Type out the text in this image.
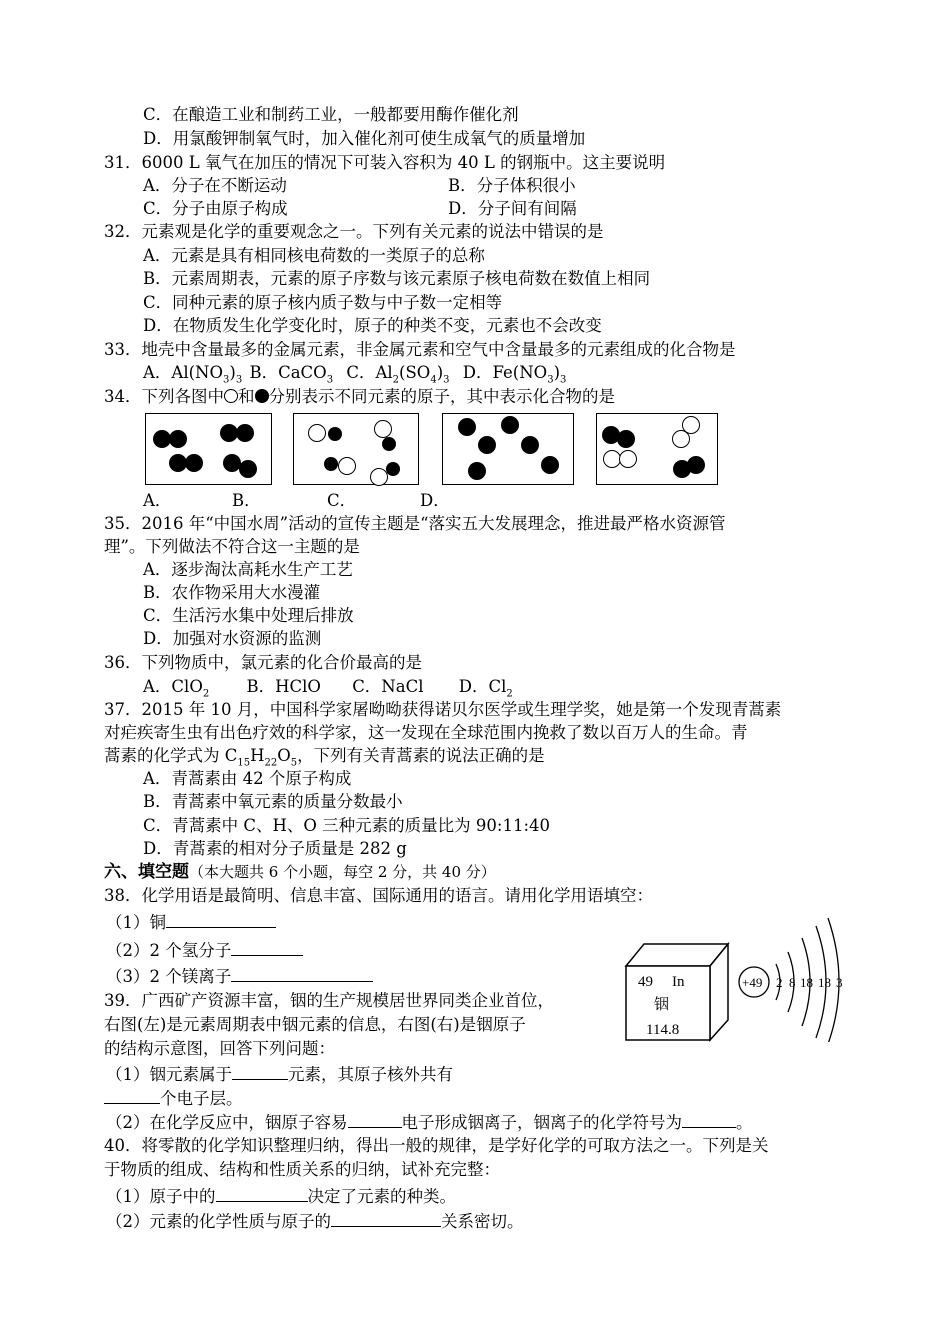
C．在酿造工业和制药工业，一般都要用酶作催化剂
D．用氯酸钾制氧气时，加入催化剂可使生成氧气的质量增加
31．6000 L 氧气在加压的情况下可装入容积为 40 L 的钢瓶中。这主要说明
A．分子在不断运动	B．分子体积很小
C．分子由原子构成	D．分子间有间隔
32．元素观是化学的重要观念之一。下列有关元素的说法中错误的是
A．元素是具有相同核电荷数的一类原子的总称
B．元素周期表，元素的原子序数与该元素原子核电荷数在数值上相同
C．同种元素的原子核内质子数与中子数一定相等
D．在物质发生化学变化时，原子的种类不变，元素也不会改变
33．地壳中含量最多的金属元素，非金属元素和空气中含量最多的元素组成的化合物是
A．$Al(NO_3)_3$ B．CaCO$_3$ C．$Al_2(SO_4)_3$ D．$Fe(NO_3)_3$
34．下列各图中 和 分别表示不同元素的原子，其中表示化合物的是
A．	B．	C．	D．
35．2016 年“中国水周”活动的宣传主题是“落实五大发展理念，推进最严格水资源管
理”。下列做法不符合这一主题的是
A．逐步淘汰高耗水生产工艺
B．农作物采用大水漫灌
C．生活污水集中处理后排放
D．加强对水资源的监测
36．下列物质中，氯元素的化合价最高的是
A．ClO$_2$ B．HClO C．NaCl D．$Cl_2$
37．2015 年 10 月，中国科学家屠呦呦获得诺贝尔医学或生理学奖，她是第一个发现青蒿素
对疟疾寄生虫有出色疗效的科学家，这一发现在全球范围内挽救了数以百万人的生命。青
蒿素的化学式为 $C_{15}H_{22}O_5$，下列有关青蒿素的说法正确的是
A．青蒿素由 42 个原子构成
B．青蒿素中氧元素的质量分数最小
C．青蒿素中 C、H、O 三种元素的质量比为 90:11:40
D．青蒿素的相对分子质量是 282 g
六、填空题（本大题共 6 个小题，每空 2 分，共 40 分）
38．化学用语是最简明、信息丰富、国际通用的语言。请用化学用语填空：
（1）铜
（2）2 个氢分子
（3）2 个镁离子	49 In
铟
114.8
+49 2 8 18 18 3
39．广西矿产资源丰富，铟的生产规模居世界同类企业首位，
右图(左)是元素周期表中铟元素的信息，右图(右)是铟原子
的结构示意图，回答下列问题：
（1）铟元素属于	元素，其原子核外共有
个电子层。
（2）在化学反应中，铟原子容易	电子形成铟离子，铟离子的化学符号为	。
40．将零散的化学知识整理归纳，得出一般的规律，是学好化学的可取方法之一。下列是关
于物质的组成、结构和性质关系的归纳，试补充完整：
（1）原子中的	决定了元素的种类。
（2）元素的化学性质与原子的	关系密切。
